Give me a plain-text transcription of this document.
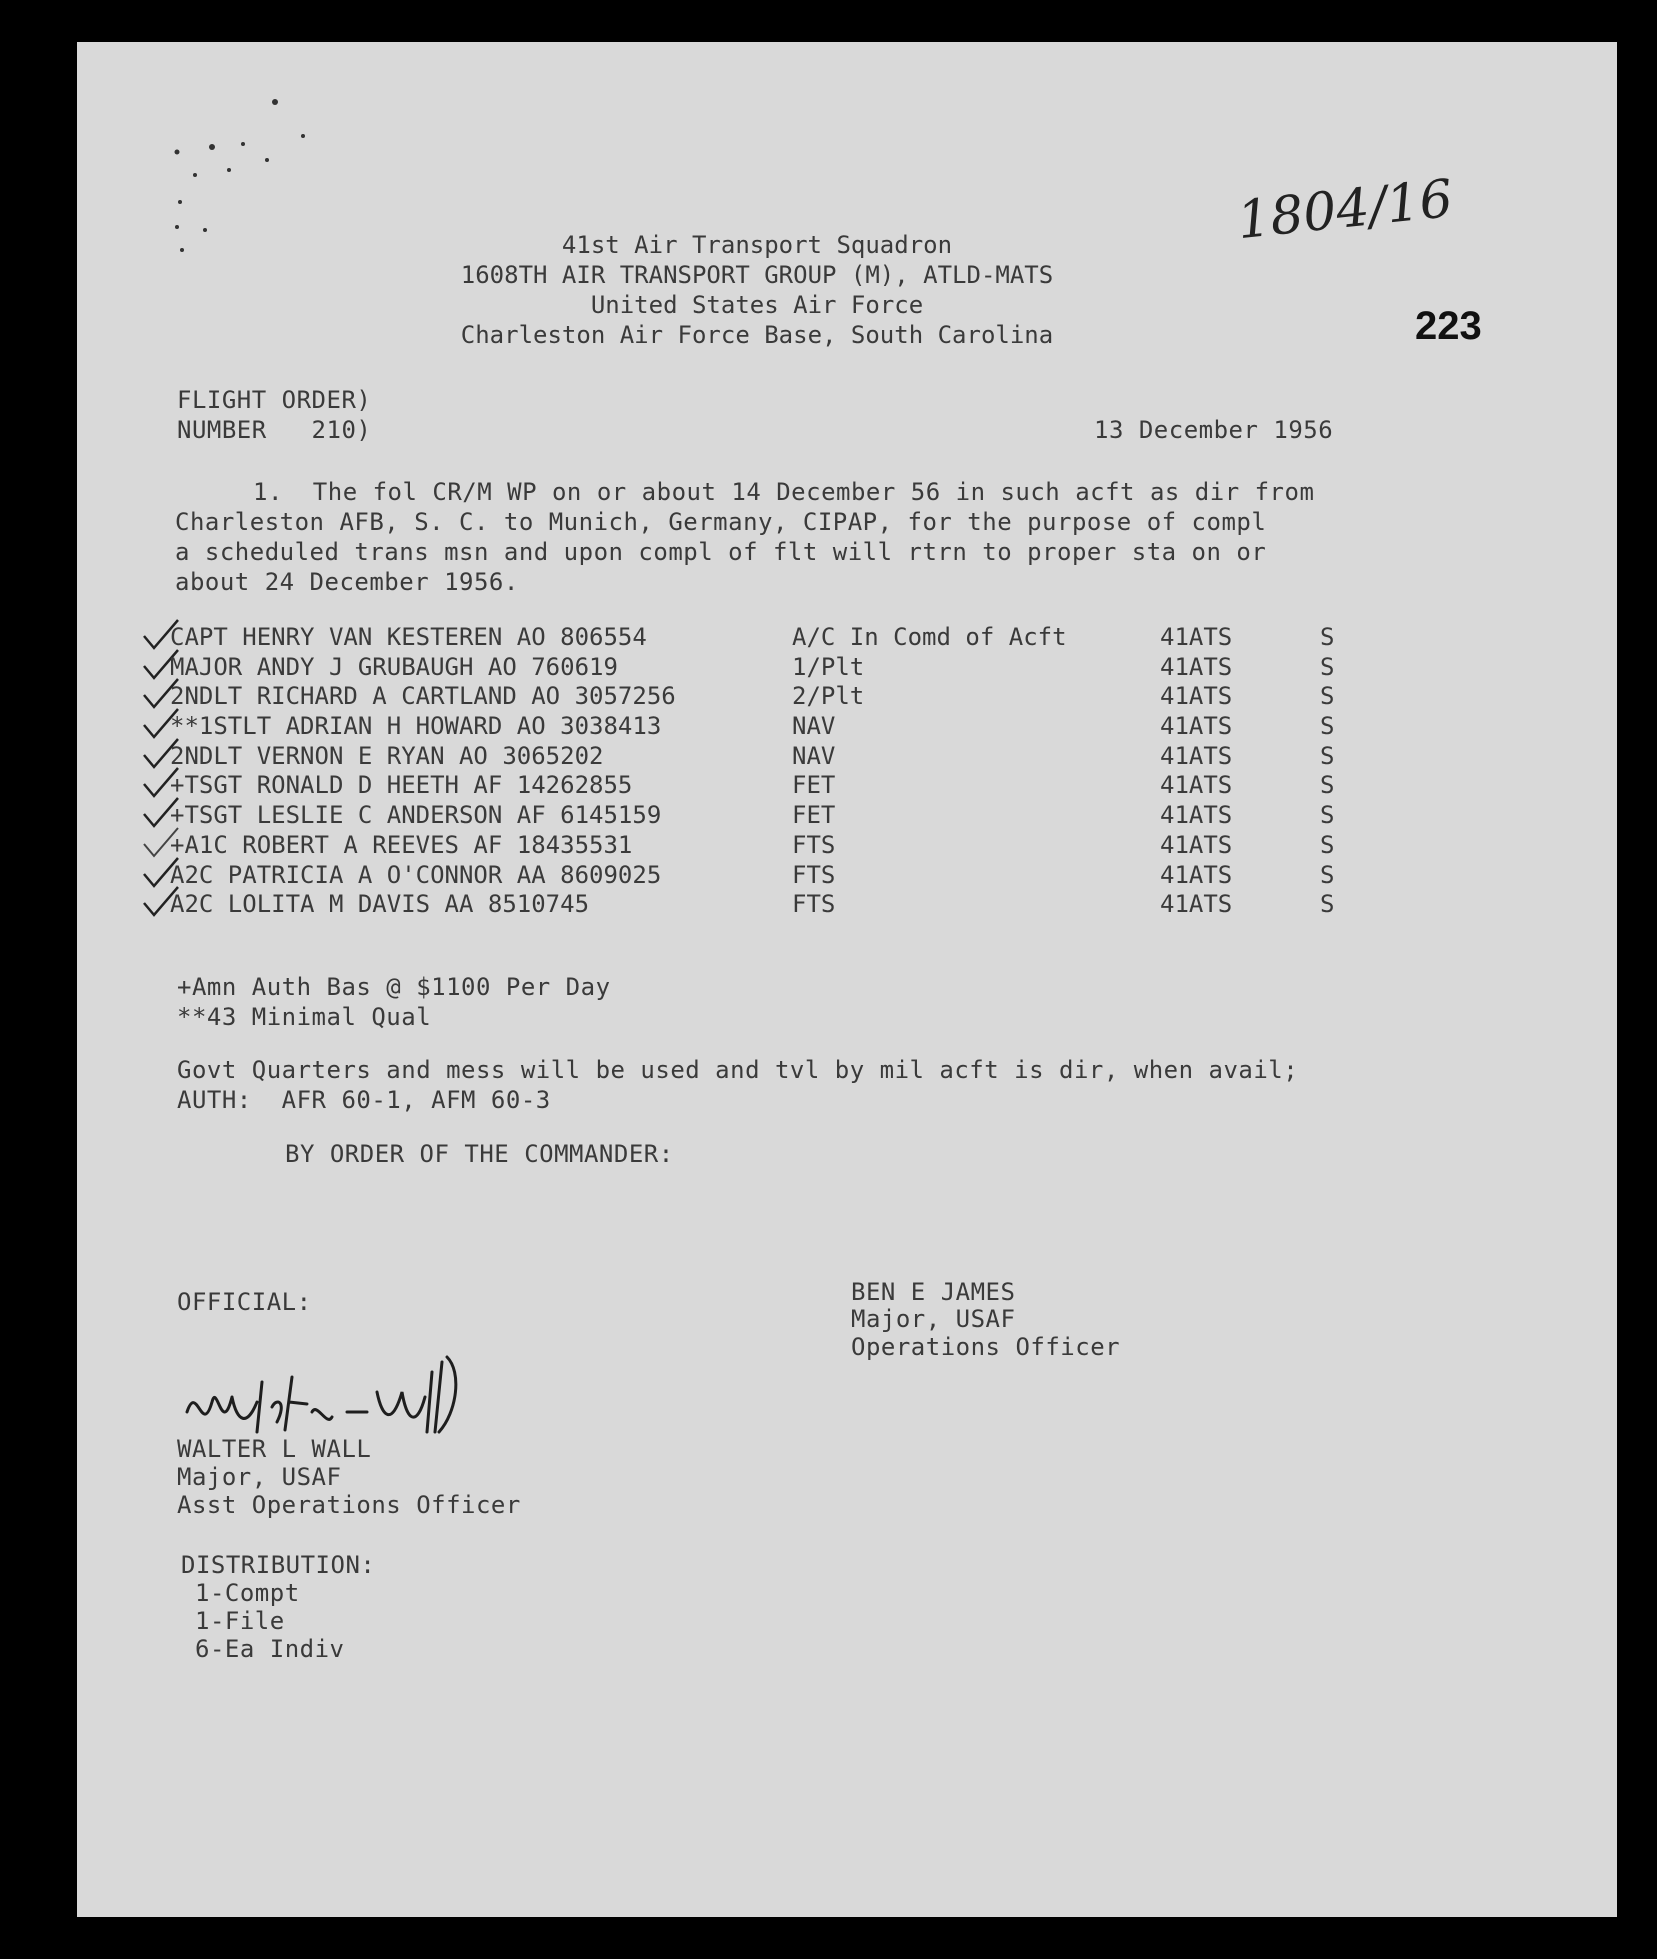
1804/16
223
41st Air Transport Squadron
1608TH AIR TRANSPORT GROUP (M), ATLD-MATS
United States Air Force
Charleston Air Force Base, South Carolina
FLIGHT ORDER)
NUMBER   210)	13 December 1956
1.  The fol CR/M WP on or about 14 December 56 in such acft as dir from
Charleston AFB, S. C. to Munich, Germany, CIPAP, for the purpose of compl
a scheduled trans msn and upon compl of flt will rtrn to proper sta on or
about 24 December 1956.
CAPT HENRY VAN KESTEREN AO 806554	A/C In Comd of Acft	41ATS	S
MAJOR ANDY J GRUBAUGH AO 760619	1/Plt	41ATS	S
2NDLT RICHARD A CARTLAND AO 3057256	2/Plt	41ATS	S
**1STLT ADRIAN H HOWARD AO 3038413	NAV	41ATS	S
2NDLT VERNON E RYAN AO 3065202	NAV	41ATS	S
+TSGT RONALD D HEETH AF 14262855	FET	41ATS	S
+TSGT LESLIE C ANDERSON AF 6145159	FET	41ATS	S
+A1C ROBERT A REEVES AF 18435531	FTS	41ATS	S
A2C PATRICIA A O'CONNOR AA 8609025	FTS	41ATS	S
A2C LOLITA M DAVIS AA 8510745	FTS	41ATS	S
+Amn Auth Bas @ $1100 Per Day
**43 Minimal Qual
Govt Quarters and mess will be used and tvl by mil acft is dir, when avail;
AUTH:  AFR 60-1, AFM 60-3
BY ORDER OF THE COMMANDER:
OFFICIAL:	BEN E JAMES
Major, USAF
Operations Officer
Walter L. Wall
WALTER L WALL
Major, USAF
Asst Operations Officer
DISTRIBUTION:
1-Compt
1-File
6-Ea Indiv
